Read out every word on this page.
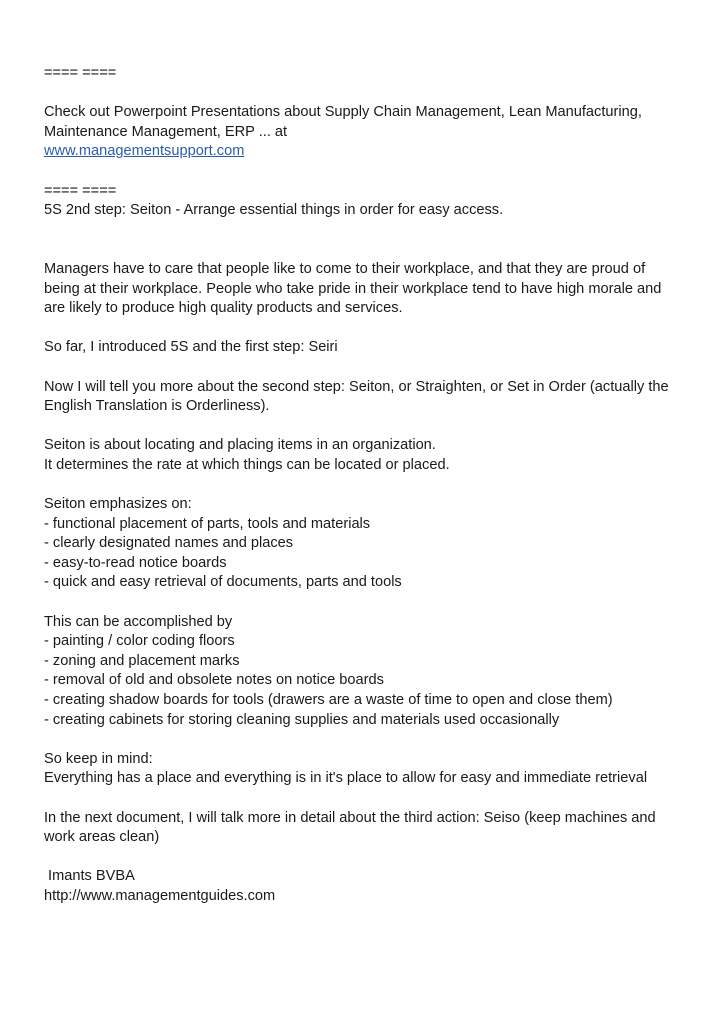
==== ====
Check out Powerpoint Presentations about Supply Chain Management, Lean Manufacturing,
Maintenance Management, ERP ... at
www.managementsupport.com
==== ====
5S 2nd step: Seiton - Arrange essential things in order for easy access.
Managers have to care that people like to come to their workplace, and that they are proud of
being at their workplace. People who take pride in their workplace tend to have high morale and
are likely to produce high quality products and services.
So far, I introduced 5S and the first step: Seiri
Now I will tell you more about the second step: Seiton, or Straighten, or Set in Order (actually the
English Translation is Orderliness).
Seiton is about locating and placing items in an organization.
It determines the rate at which things can be located or placed.
Seiton emphasizes on:
- functional placement of parts, tools and materials
- clearly designated names and places
- easy-to-read notice boards
- quick and easy retrieval of documents, parts and tools
This can be accomplished by
- painting / color coding floors
- zoning and placement marks
- removal of old and obsolete notes on notice boards
- creating shadow boards for tools (drawers are a waste of time to open and close them)
- creating cabinets for storing cleaning supplies and materials used occasionally
So keep in mind:
Everything has a place and everything is in it's place to allow for easy and immediate retrieval
In the next document, I will talk more in detail about the third action: Seiso (keep machines and
work areas clean)
Imants BVBA
http://www.managementguides.com
